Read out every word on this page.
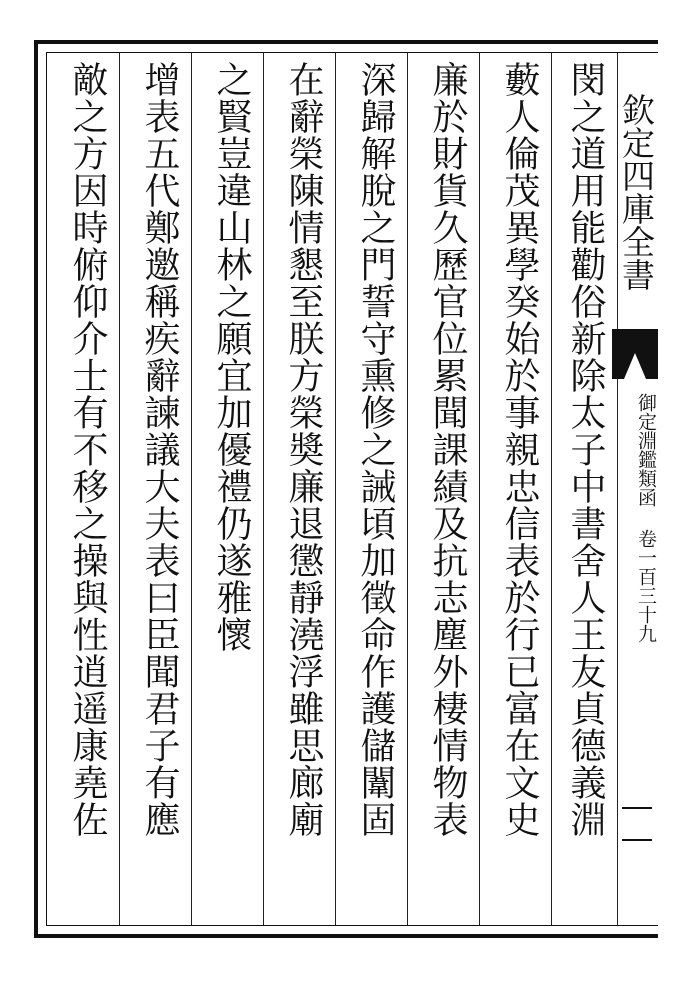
閔之道用能勸俗新除太子中書舍人王友貞德義淵
藪人倫茂異學癸始於事親忠信表於行已富在文史
廉於財貨久歷官位累聞課績及抗志塵外棲情物表
深歸解脫之門誓守熏修之誡頃加徵命作護儲闈固
在辭榮陳情懇至朕方榮奬廉退懲靜澆浮雖思廊廟
之賢豈違山林之願宜加優禮仍遂雅懷
增表五代鄭邀稱疾辭諫議大夫表曰臣聞君子有應
敵之方因時俯仰介士有不移之操與性逍遥康堯佐	欽定四庫全書
御定淵鑑類函 卷一百三十九
